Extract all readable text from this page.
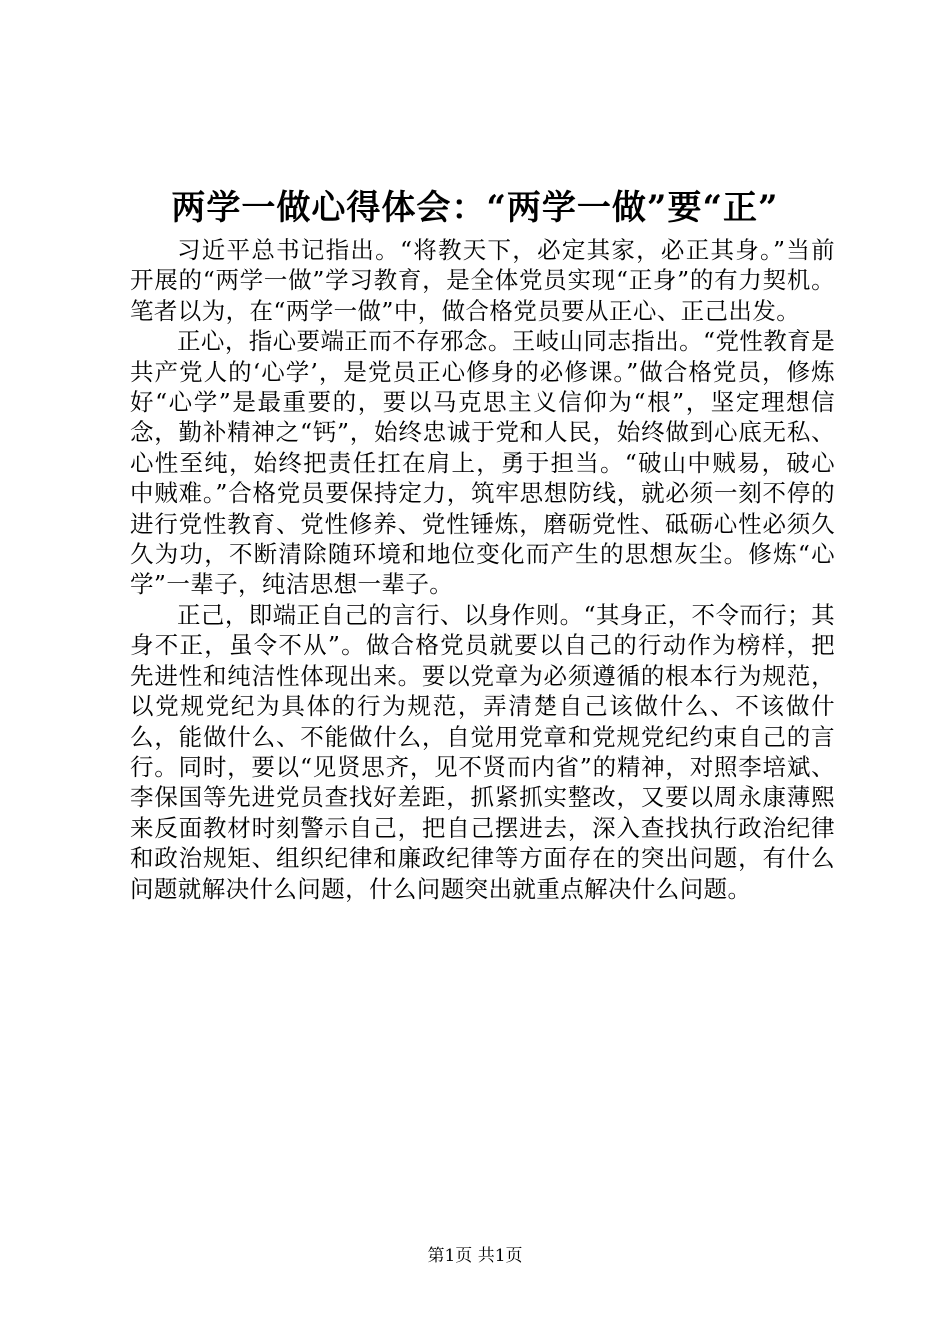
两学一做心得体会：“两学一做”要“正”

习近平总书记指出。“将教天下，必定其家，必正其身。”当前开展的“两学一做”学习教育，是全体党员实现“正身”的有力契机。笔者以为，在“两学一做”中，做合格党员要从正心、正己出发。

正心，指心要端正而不存邪念。王岐山同志指出。“党性教育是共产党人的‘心学’，是党员正心修身的必修课。”做合格党员，修炼好“心学”是最重要的，要以马克思主义信仰为“根”，坚定理想信念，勤补精神之“钙”，始终忠诚于党和人民，始终做到心底无私、心性至纯，始终把责任扛在肩上，勇于担当。“破山中贼易，破心中贼难。”合格党员要保持定力，筑牢思想防线，就必须一刻不停的进行党性教育、党性修养、党性锤炼，磨砺党性、砥砺心性必须久久为功，不断清除随环境和地位变化而产生的思想灰尘。修炼“心学”一辈子，纯洁思想一辈子。

正己，即端正自己的言行、以身作则。“其身正，不令而行；其身不正，虽令不从”。做合格党员就要以自己的行动作为榜样，把先进性和纯洁性体现出来。要以党章为必须遵循的根本行为规范，以党规党纪为具体的行为规范，弄清楚自己该做什么、不该做什么，能做什么、不能做什么，自觉用党章和党规党纪约束自己的言行。同时，要以“见贤思齐，见不贤而内省”的精神，对照李培斌、李保国等先进党员查找好差距，抓紧抓实整改，又要以周永康薄熙来反面教材时刻警示自己，把自己摆进去，深入查找执行政治纪律和政治规矩、组织纪律和廉政纪律等方面存在的突出问题，有什么问题就解决什么问题，什么问题突出就重点解决什么问题。

第1页 共1页
